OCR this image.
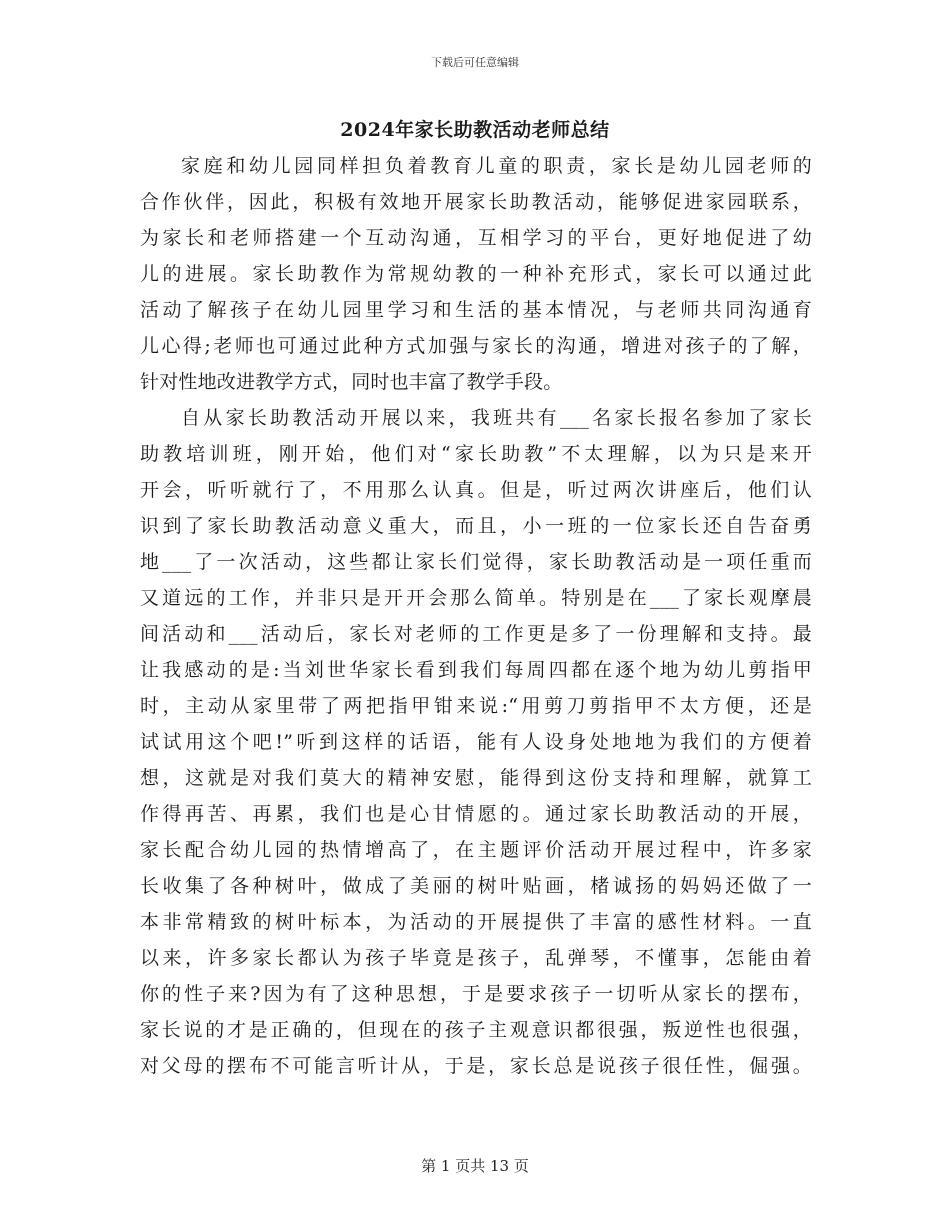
下载后可任意编辑
2024年家长助教活动老师总结
家庭和幼儿园同样担负着教育儿童的职责，家长是幼儿园老师的
合作伙伴，因此，积极有效地开展家长助教活动，能够促进家园联系，
为家长和老师搭建一个互动沟通，互相学习的平台，更好地促进了幼
儿的进展。家长助教作为常规幼教的一种补充形式，家长可以通过此
活动了解孩子在幼儿园里学习和生活的基本情况，与老师共同沟通育
儿心得;老师也可通过此种方式加强与家长的沟通，增进对孩子的了解，
针对性地改进教学方式，同时也丰富了教学手段。
自从家长助教活动开展以来，我班共有___名家长报名参加了家长
助教培训班，刚开始，他们对“家长助教”不太理解，以为只是来开
开会，听听就行了，不用那么认真。但是，听过两次讲座后，他们认
识到了家长助教活动意义重大，而且，小一班的一位家长还自告奋勇
地___了一次活动，这些都让家长们觉得，家长助教活动是一项任重而
又道远的工作，并非只是开开会那么简单。特别是在___了家长观摩晨
间活动和___活动后，家长对老师的工作更是多了一份理解和支持。最
让我感动的是:当刘世华家长看到我们每周四都在逐个地为幼儿剪指甲
时，主动从家里带了两把指甲钳来说:“用剪刀剪指甲不太方便，还是
试试用这个吧!”听到这样的话语，能有人设身处地地为我们的方便着
想，这就是对我们莫大的精神安慰，能得到这份支持和理解，就算工
作得再苦、再累，我们也是心甘情愿的。通过家长助教活动的开展，
家长配合幼儿园的热情增高了，在主题评价活动开展过程中，许多家
长收集了各种树叶，做成了美丽的树叶贴画，楮诚扬的妈妈还做了一
本非常精致的树叶标本，为活动的开展提供了丰富的感性材料。一直
以来，许多家长都认为孩子毕竟是孩子，乱弹琴，不懂事，怎能由着
你的性子来?因为有了这种思想，于是要求孩子一切听从家长的摆布，
家长说的才是正确的，但现在的孩子主观意识都很强，叛逆性也很强，
对父母的摆布不可能言听计从，于是，家长总是说孩子很任性，倔强。
第 1 页共 13 页
